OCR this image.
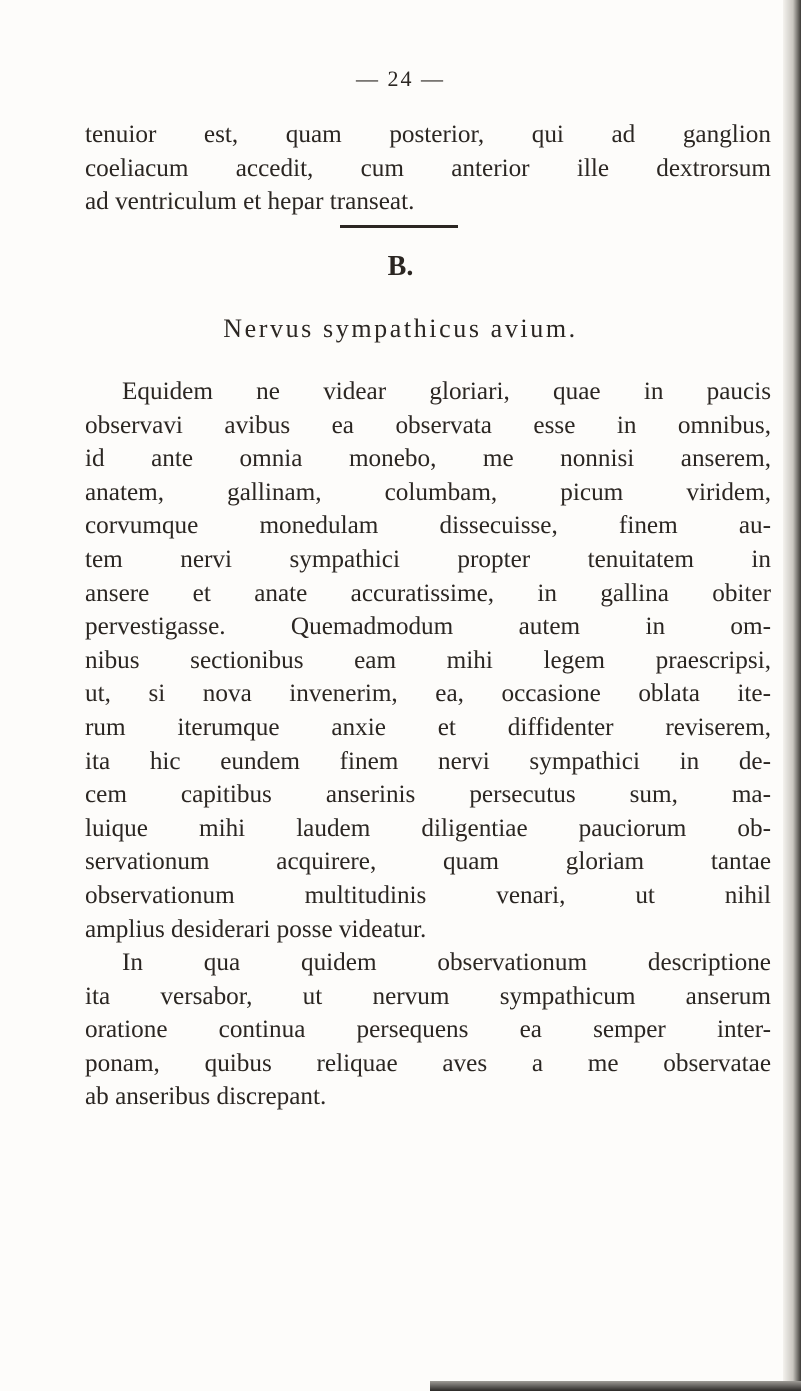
— 24 —
tenuior est, quam posterior, qui ad ganglion
coeliacum accedit, cum anterior ille dextrorsum
ad ventriculum et hepar transeat.
B.
Nervus sympathicus avium.
Equidem ne videar gloriari, quae in paucis
observavi avibus ea observata esse in omnibus,
id ante omnia monebo, me nonnisi anserem,
anatem, gallinam, columbam, picum viridem,
corvumque monedulam dissecuisse, finem au-
tem nervi sympathici propter tenuitatem in
ansere et anate accuratissime, in gallina obiter
pervestigasse. Quemadmodum autem in om-
nibus sectionibus eam mihi legem praescripsi,
ut, si nova invenerim, ea, occasione oblata ite-
rum iterumque anxie et diffidenter reviserem,
ita hic eundem finem nervi sympathici in de-
cem capitibus anserinis persecutus sum, ma-
luique mihi laudem diligentiae pauciorum ob-
servationum acquirere, quam gloriam tantae
observationum multitudinis venari, ut nihil
amplius desiderari posse videatur.
In qua quidem observationum descriptione
ita versabor, ut nervum sympathicum anserum
oratione continua persequens ea semper inter-
ponam, quibus reliquae aves a me observatae
ab anseribus discrepant.
